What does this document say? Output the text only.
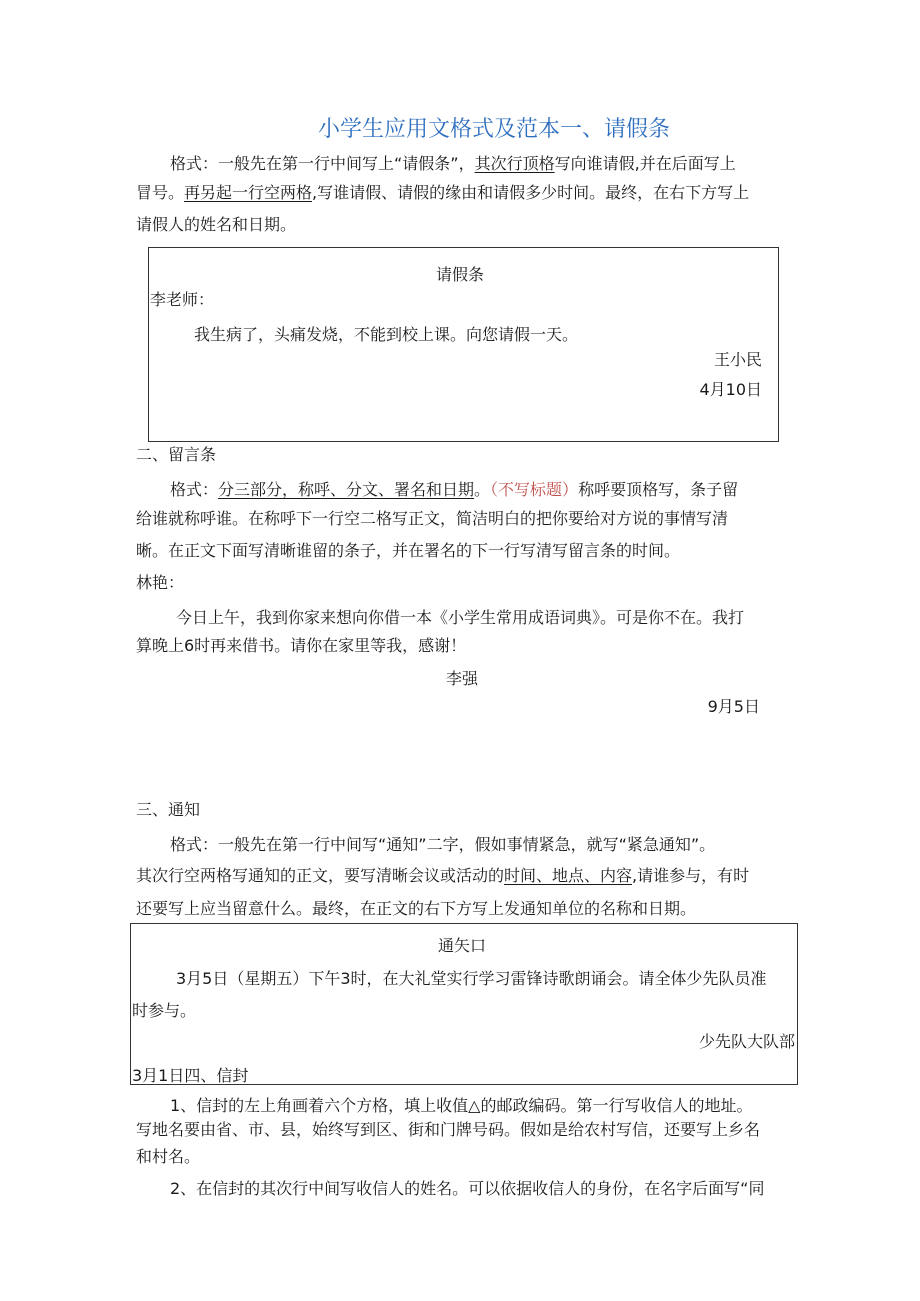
小学生应用文格式及范本一、请假条
格式：一般先在第一行中间写上“请假条”，其次行顶格写向谁请假,并在后面写上
冒号。再另起一行空两格,写谁请假、请假的缘由和请假多少时间。最终，在右下方写上
请假人的姓名和日期。
请假条
李老师：
我生病了，头痛发烧，不能到校上课。向您请假一天。
王小民
4月10日
二、留言条
格式：分三部分，称呼、分文、署名和日期。（不写标题）称呼要顶格写，条子留
给谁就称呼谁。在称呼下一行空二格写正文，简洁明白的把你要给对方说的事情写清
晰。在正文下面写清晰谁留的条子，并在署名的下一行写清写留言条的时间。
林艳：
今日上午，我到你家来想向你借一本《小学生常用成语词典》。可是你不在。我打
算晚上6时再来借书。请你在家里等我，感谢！
李强
9月5日
三、通知
格式：一般先在第一行中间写“通知”二字，假如事情紧急，就写“紧急通知”。
其次行空两格写通知的正文，要写清晰会议或活动的时间、地点、内容,请谁参与，有时
还要写上应当留意什么。最终，在正文的右下方写上发通知单位的名称和日期。
通矢口
3月5日（星期五）下午3时，在大礼堂实行学习雷锋诗歌朗诵会。请全体少先队员准
时参与。
少先队大队部
3月1日四、信封
1、信封的左上角画着六个方格，填上收值△的邮政编码。第一行写收信人的地址。
写地名要由省、市、县，始终写到区、街和门牌号码。假如是给农村写信，还要写上乡名
和村名。
2、在信封的其次行中间写收信人的姓名。可以依据收信人的身份，在名字后面写“同
